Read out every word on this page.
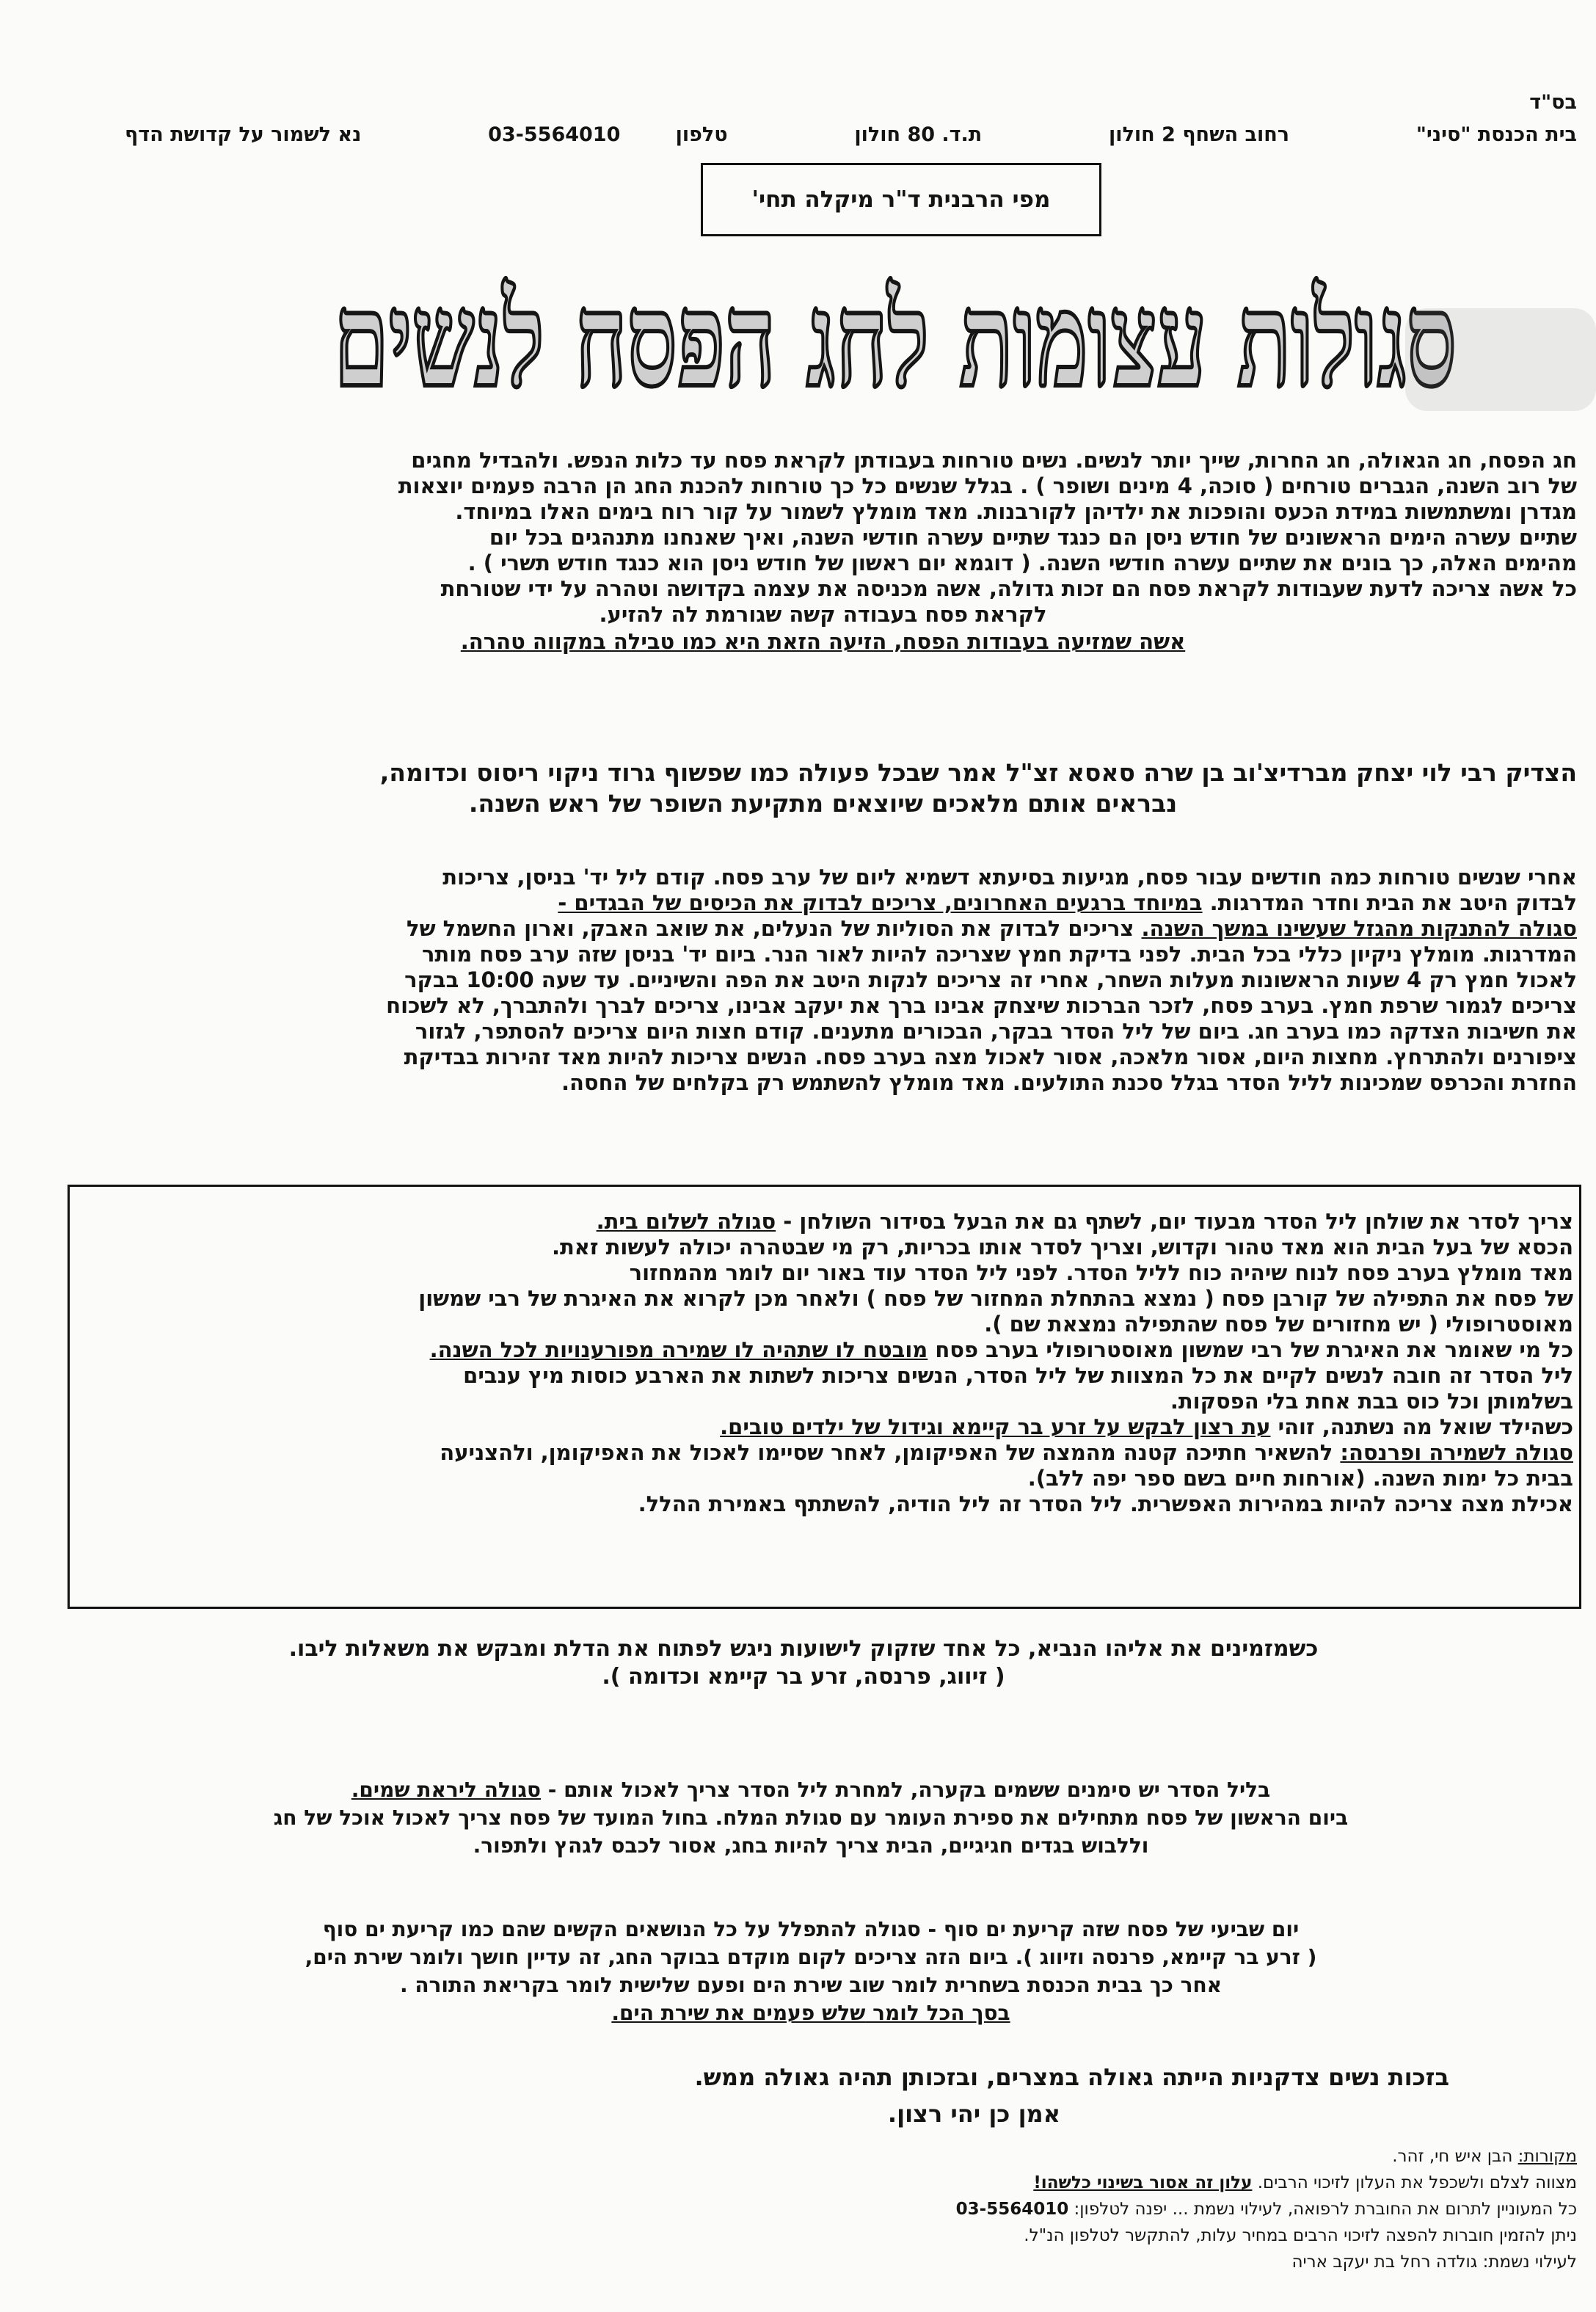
בס"ד
בית הכנסת "סיני"
רחוב השחף 2 חולון
ת.ד. 80 חולון
טלפון        03-5564010
נא לשמור על קדושת הדף
מפי הרבנית ד"ר מיקלה תחי'
סגולות עצומות לחג הפסח לנשים

חג הפסח, חג הגאולה, חג החרות, שייך יותר לנשים. נשים טורחות בעבודתן לקראת פסח עד כלות הנפש. ולהבדיל מחגים

של רוב השנה, הגברים טורחים ( סוכה, 4 מינים ושופר ) . בגלל שנשים כל כך טורחות להכנת החג הן הרבה פעמים יוצאות

מגדרן ומשתמשות במידת הכעס והופכות את ילדיהן לקורבנות. מאד מומלץ לשמור על קור רוח בימים האלו במיוחד.

שתיים עשרה הימים הראשונים של חודש ניסן הם כנגד שתיים עשרה חודשי השנה, ואיך שאנחנו מתנהגים בכל יום

מהימים האלה, כך בונים את שתיים עשרה חודשי השנה. ( דוגמא יום ראשון של חודש ניסן הוא כנגד חודש תשרי ) .

כל אשה צריכה לדעת שעבודות לקראת פסח הם זכות גדולה, אשה מכניסה את עצמה בקדושה וטהרה על ידי שטורחת

לקראת פסח בעבודה קשה שגורמת לה להזיע.

אשה שמזיעה בעבודות הפסח, הזיעה הזאת היא כמו טבילה במקווה טהרה.

הצדיק רבי לוי יצחק מברדיצ'וב בן שרה סאסא זצ"ל אמר שבכל פעולה כמו שפשוף גרוד ניקוי ריסוס וכדומה,

נבראים אותם מלאכים שיוצאים מתקיעת השופר של ראש השנה.

אחרי שנשים טורחות כמה חודשים עבור פסח, מגיעות בסיעתא דשמיא ליום של ערב פסח. קודם ליל יד' בניסן, צריכות

לבדוק היטב את הבית וחדר המדרגות. במיוחד ברגעים האחרונים, צריכים לבדוק את הכיסים של הבגדים -

סגולה להתנקות מהגזל שעשינו במשך השנה. צריכים לבדוק את הסוליות של הנעלים, את שואב האבק, וארון החשמל של

המדרגות. מומלץ ניקיון כללי בכל הבית. לפני בדיקת חמץ שצריכה להיות לאור הנר. ביום יד' בניסן שזה ערב פסח מותר

לאכול חמץ רק 4 שעות הראשונות מעלות השחר, אחרי זה צריכים לנקות היטב את הפה והשיניים. עד שעה 10:00 בבקר

צריכים לגמור שרפת חמץ. בערב פסח, לזכר הברכות שיצחק אבינו ברך את יעקב אבינו, צריכים לברך ולהתברך, לא לשכוח

את חשיבות הצדקה כמו בערב חג. ביום של ליל הסדר בבקר, הבכורים מתענים. קודם חצות היום צריכים להסתפר, לגזור

ציפורנים ולהתרחץ. מחצות היום, אסור מלאכה, אסור לאכול מצה בערב פסח. הנשים צריכות להיות מאד זהירות בבדיקת

החזרת והכרפס שמכינות לליל הסדר בגלל סכנת התולעים. מאד מומלץ להשתמש רק בקלחים של החסה.

צריך לסדר את שולחן ליל הסדר מבעוד יום, לשתף גם את הבעל בסידור השולחן - סגולה לשלום בית.

הכסא של בעל הבית הוא מאד טהור וקדוש, וצריך לסדר אותו בכריות, רק מי שבטהרה יכולה לעשות זאת.

מאד מומלץ בערב פסח לנוח שיהיה כוח לליל הסדר. לפני ליל הסדר עוד באור יום לומר מהמחזור

של פסח את התפילה של קורבן פסח ( נמצא בהתחלת המחזור של פסח ) ולאחר מכן לקרוא את האיגרת של רבי שמשון

מאוסטרופולי ( יש מחזורים של פסח שהתפילה נמצאת שם ).

כל מי שאומר את האיגרת של רבי שמשון מאוסטרופולי בערב פסח מובטח לו שתהיה לו שמירה מפורענויות לכל השנה.

ליל הסדר זה חובה לנשים לקיים את כל המצוות של ליל הסדר, הנשים צריכות לשתות את הארבע כוסות מיץ ענבים

בשלמותן וכל כוס בבת אחת בלי הפסקות.

כשהילד שואל מה נשתנה, זוהי עת רצון לבקש על זרע בר קיימא וגידול של ילדים טובים.

סגולה לשמירה ופרנסה: להשאיר חתיכה קטנה מהמצה של האפיקומן, לאחר שסיימו לאכול את האפיקומן, ולהצניעה

בבית כל ימות השנה. (אורחות חיים בשם ספר יפה ללב).

אכילת מצה צריכה להיות במהירות האפשרית. ליל הסדר זה ליל הודיה, להשתתף באמירת ההלל.

כשמזמינים את אליהו הנביא, כל אחד שזקוק לישועות ניגש לפתוח את הדלת ומבקש את משאלות ליבו.

( זיווג, פרנסה, זרע בר קיימא וכדומה ).

בליל הסדר יש סימנים ששמים בקערה, למחרת ליל הסדר צריך לאכול אותם - סגולה ליראת שמים.

ביום הראשון של פסח מתחילים את ספירת העומר עם סגולת המלח. בחול המועד של פסח צריך לאכול אוכל של חג

וללבוש בגדים חגיגיים, הבית צריך להיות בחג, אסור לכבס לגהץ ולתפור.

יום שביעי של פסח שזה קריעת ים סוף - סגולה להתפלל על כל הנושאים הקשים שהם כמו קריעת ים סוף

( זרע בר קיימא, פרנסה וזיווג ). ביום הזה צריכים לקום מוקדם בבוקר החג, זה עדיין חושך ולומר שירת הים,

אחר כך בבית הכנסת בשחרית לומר שוב שירת הים ופעם שלישית לומר בקריאת התורה .

בסך הכל לומר שלש פעמים את שירת הים.

בזכות נשים צדקניות הייתה גאולה במצרים, ובזכותן תהיה גאולה ממש.

אמן כן יהי רצון.

מקורות: הבן איש חי, זהר.

מצווה לצלם ולשכפל את העלון לזיכוי הרבים. עלון זה אסור בשינוי כלשהו!

כל המעוניין לתרום את החוברת לרפואה, לעילוי נשמת ... יפנה לטלפון: 03-5564010

ניתן להזמין חוברות להפצה לזיכוי הרבים במחיר עלות, להתקשר לטלפון הנ"ל.

לעילוי נשמת: גולדה רחל בת יעקב אריה
